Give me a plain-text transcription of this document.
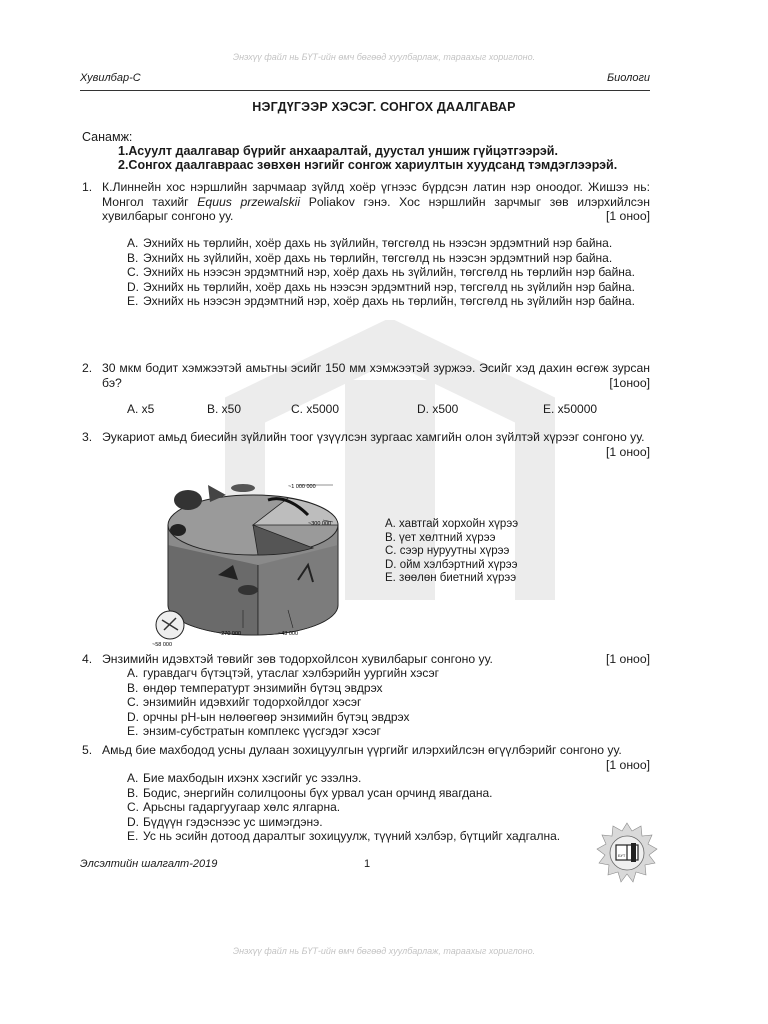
Энэхүү файл нь БҮТ-ийн өмч бөгөөд хуулбарлаж, тараахыг хориглоно.
Энэхүү файл нь БҮТ-ийн өмч бөгөөд хуулбарлаж, тараахыг хориглоно.
Хувилбар-С	Биологи
НЭГДҮГЭЭР ХЭСЭГ. СОНГОХ ДААЛГАВАР
Санамж:
1.Асуулт даалгавар бүрийг анхааралтай, дуустал уншиж гүйцэтгээрэй.
2.Сонгох даалгавраас зөвхөн нэгийг сонгож хариултын хуудсанд тэмдэглээрэй.
1. К.Линнейн хос нэршлийн зарчмаар зүйлд хоёр үгнээс бүрдсэн латин нэр оноодог. Жишээ нь: Монгол тахийг Equus przewalskii Poliakov гэнэ. Хос нэршлийн зарчмыг зөв илэрхийлсэн хувилбарыг сонгоно уу.	[1 оноо]
A. Эхнийх нь төрлийн, хоёр дахь нь зүйлийн, төгсгөлд нь нээсэн эрдэмтний нэр байна.
B. Эхнийх нь зүйлийн, хоёр дахь нь төрлийн, төгсгөлд нь нээсэн эрдэмтний нэр байна.
C. Эхнийх нь нээсэн эрдэмтний нэр, хоёр дахь нь зүйлийн, төгсгөлд нь төрлийн нэр байна.
D. Эхнийх нь төрлийн, хоёр дахь нь нээсэн эрдэмтний нэр, төгсгөлд нь зүйлийн нэр байна.
E. Эхнийх нь нээсэн эрдэмтний нэр, хоёр дахь нь төрлийн, төгсгөлд нь зүйлийн нэр байна.
2. 30 мкм бодит хэмжээтэй амьтны эсийг 150 мм хэмжээтэй зуржээ. Эсийг хэд дахин өсгөж зурсан бэ?	[1оноо]
A. x5	B. x50	C. x5000	D. x500	E. x50000
3. Эукариот амьд биесийн зүйлийн тоог үзүүлсэн зургаас хамгийн олон зүйлтэй хүрээг сонгоно уу.
[1 оноо]
~1 000 000
~300 000
~270 000	~43 000
~58 000
A. хавтгай хорхойн хүрээ
B. үет хөлтний хүрээ
C. сээр нуруутны хүрээ
D. ойм хэлбэртний хүрээ
E. зөөлөн биетний хүрээ
4. Энзимийн идэвхтэй төвийг зөв тодорхойлсон хувилбарыг сонгоно уу.	[1 оноо]
A. гуравдагч бүтэцтэй, утаслаг хэлбэрийн уургийн хэсэг
B. өндөр температурт энзимийн бүтэц эвдрэх
C. энзимийн идэвхийг тодорхойлдог хэсэг
D. орчны pH-ын нөлөөгөөр энзимийн бүтэц эвдрэх
E. энзим-субстратын комплекс үүсгэдэг хэсэг
5. Амьд бие махбодод усны дулаан зохицуулгын үүргийг илэрхийлсэн өгүүлбэрийг сонгоно уу.
[1 оноо]
A. Бие махбодын ихэнх хэсгийг ус эзэлнэ.
B. Бодис, энергийн солилцооны бүх урвал усан орчинд явагдана.
C. Арьсны гадаргуугаар хөлс ялгарна.
D. Бүдүүн гэдэснээс ус шимэгдэнэ.
E. Ус нь эсийн дотоод даралтыг зохицуулж, түүний хэлбэр, бүтцийг хадгална.
Элсэлтийн шалгалт-2019	1
БҮТ
